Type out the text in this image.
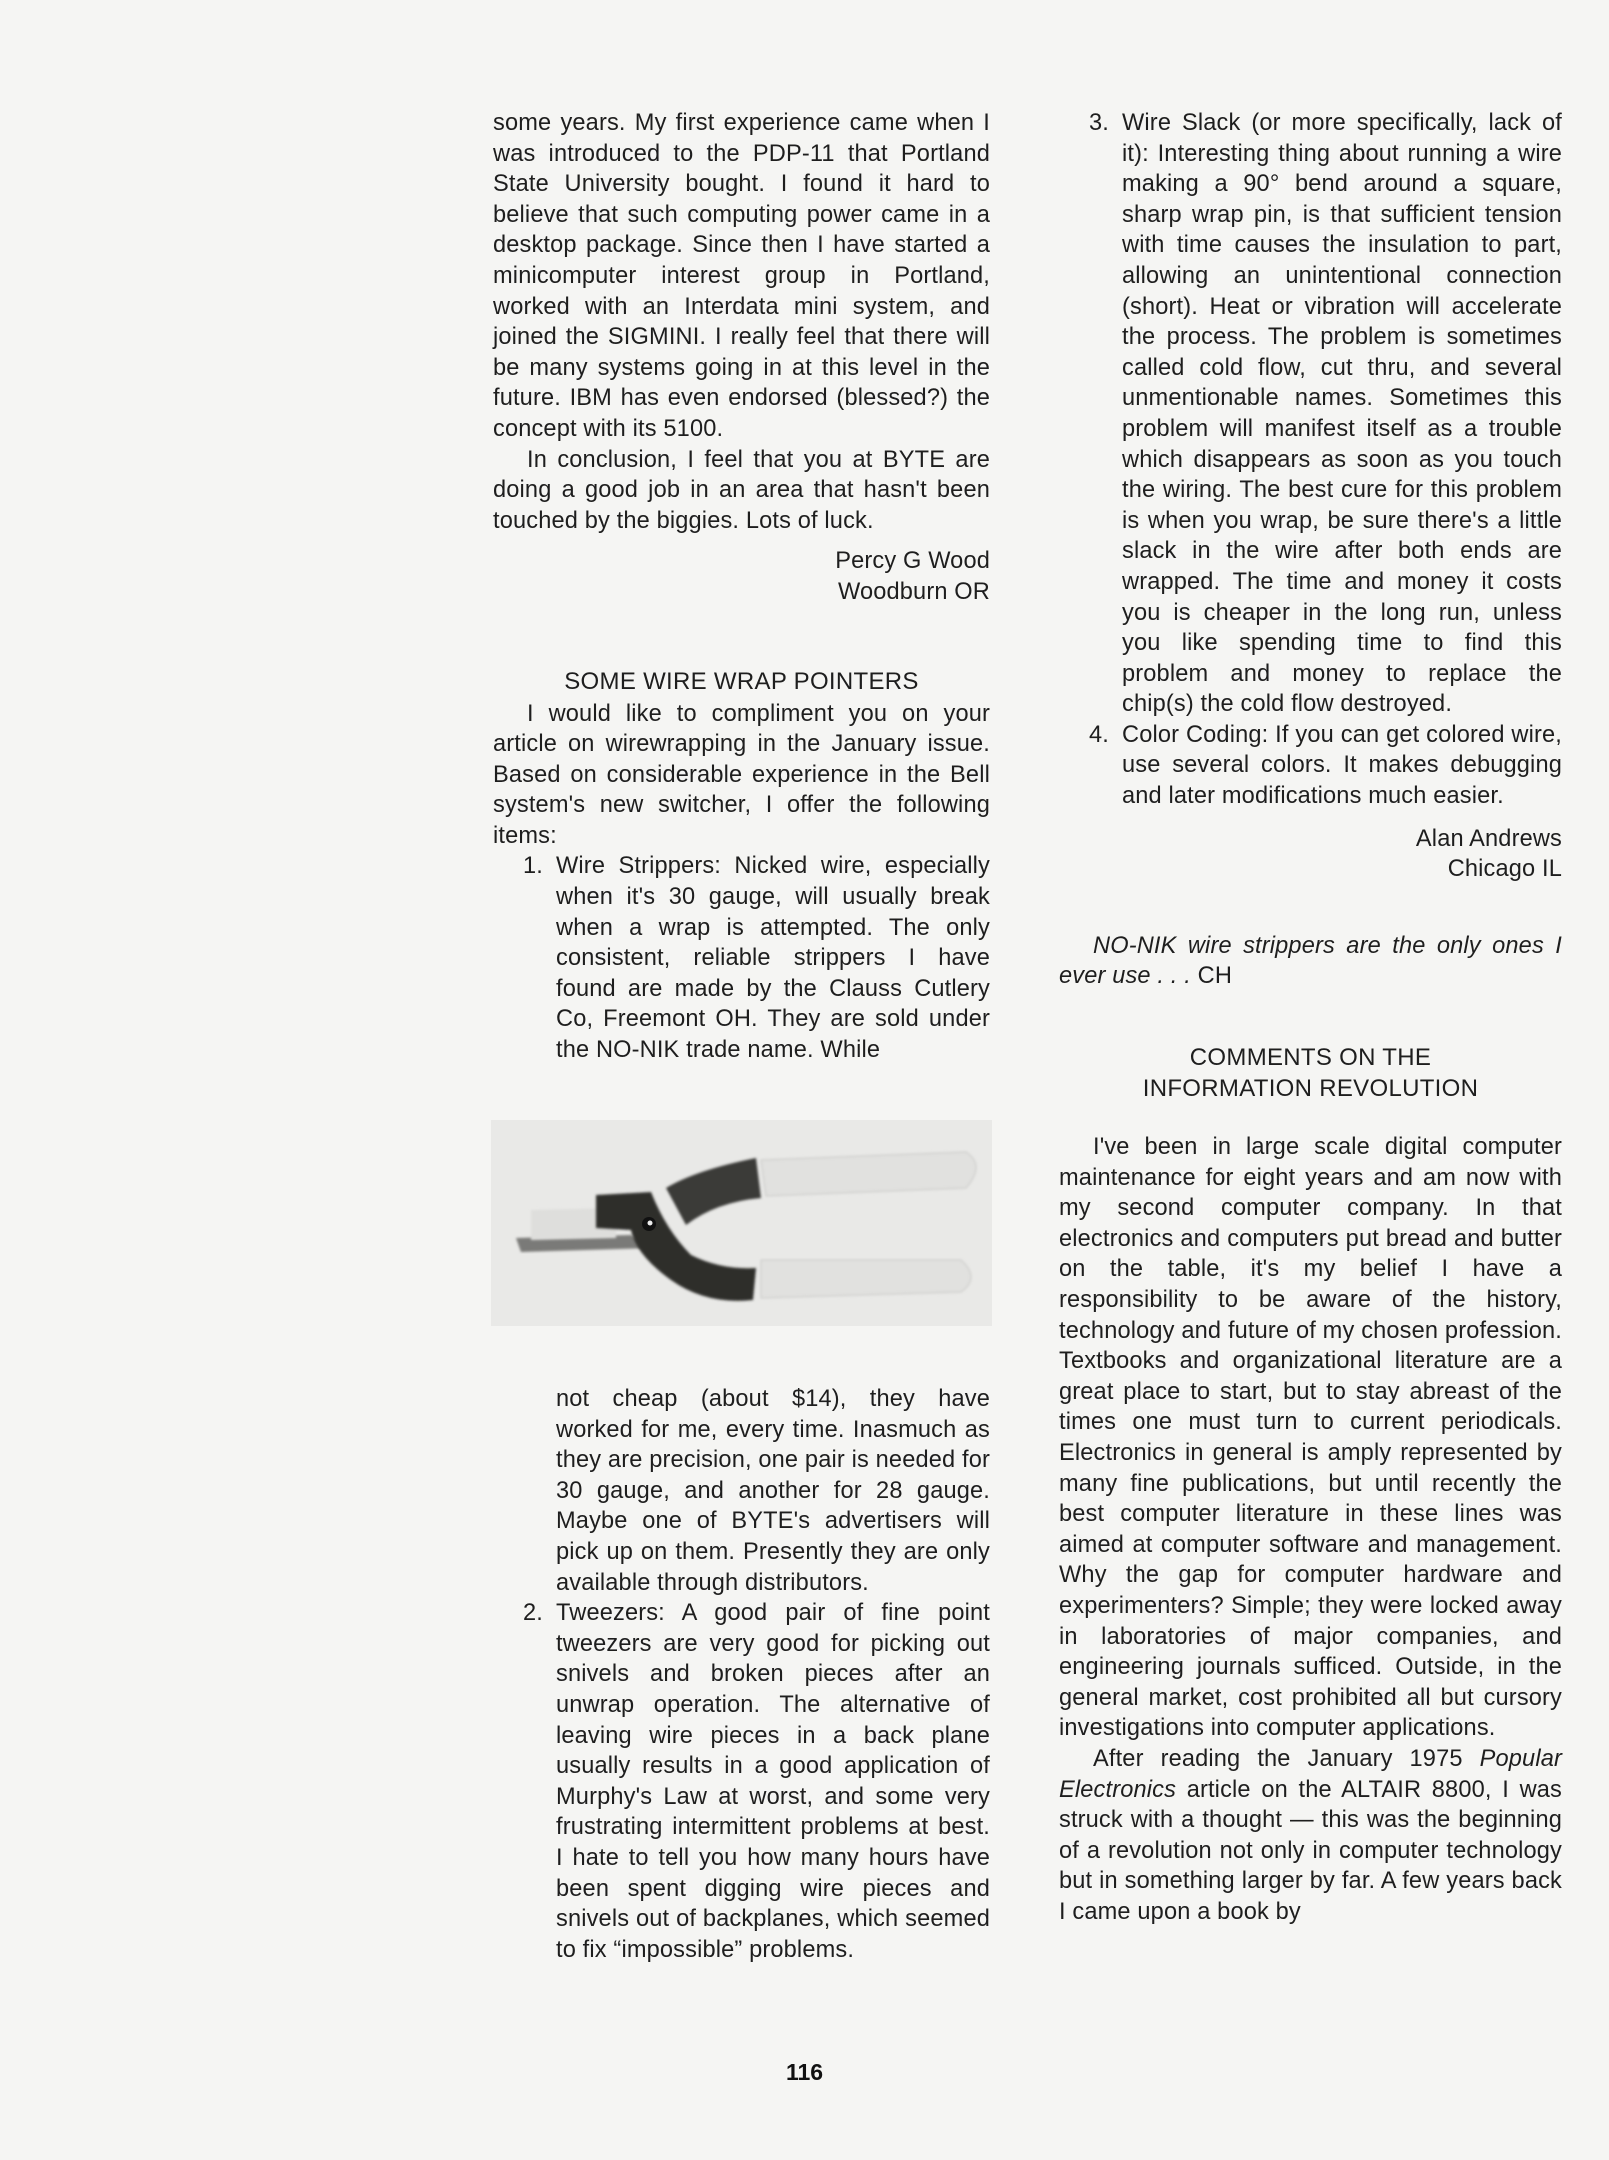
some years. My first experience came when I was introduced to the PDP-11 that Portland State University bought. I found it hard to believe that such computing power came in a desktop package. Since then I have started a minicomputer interest group in Portland, worked with an Interdata mini system, and joined the SIGMINI. I really feel that there will be many systems going in at this level in the future. IBM has even endorsed (blessed?) the concept with its 5100.

In conclusion, I feel that you at BYTE are doing a good job in an area that hasn't been touched by the biggies. Lots of luck.

Percy G Wood

Woodburn OR

SOME WIRE WRAP POINTERS

I would like to compliment you on your article on wirewrapping in the January issue. Based on considerable experience in the Bell system's new switcher, I offer the following items:

1. Wire Strippers: Nicked wire, especially when it's 30 gauge, will usually break when a wrap is attempted. The only consistent, reliable strippers I have found are made by the Clauss Cutlery Co, Freemont OH. They are sold under the NO-NIK trade name. While
not cheap (about $14), they have worked for me, every time. Inasmuch as they are precision, one pair is needed for 30 gauge, and another for 28 gauge. Maybe one of BYTE's advertisers will pick up on them. Presently they are only available through distributors.
2. Tweezers: A good pair of fine point tweezers are very good for picking out snivels and broken pieces after an unwrap operation. The alternative of leaving wire pieces in a back plane usually results in a good application of Murphy's Law at worst, and some very frustrating intermittent problems at best. I hate to tell you how many hours have been spent digging wire pieces and snivels out of backplanes, which seemed to fix “impossible” problems.
3. Wire Slack (or more specifically, lack of it): Interesting thing about running a wire making a 90° bend around a square, sharp wrap pin, is that sufficient tension with time causes the insulation to part, allowing an unintentional connection (short). Heat or vibration will accelerate the process. The problem is sometimes called cold flow, cut thru, and several unmentionable names. Sometimes this problem will manifest itself as a trouble which disappears as soon as you touch the wiring. The best cure for this problem is when you wrap, be sure there's a little slack in the wire after both ends are wrapped. The time and money it costs you is cheaper in the long run, unless you like spending time to find this problem and money to replace the chip(s) the cold flow destroyed.
4. Color Coding: If you can get colored wire, use several colors. It makes debugging and later modifications much easier.

Alan Andrews

Chicago IL

NO-NIK wire strippers are the only ones I ever use . . . CH

COMMENTS ON THE

INFORMATION REVOLUTION

I've been in large scale digital computer maintenance for eight years and am now with my second computer company. In that electronics and computers put bread and butter on the table, it's my belief I have a responsibility to be aware of the history, technology and future of my chosen profession. Textbooks and organizational literature are a great place to start, but to stay abreast of the times one must turn to current periodicals. Electronics in general is amply represented by many fine publications, but until recently the best computer literature in these lines was aimed at computer software and management. Why the gap for computer hardware and experimenters? Simple; they were locked away in laboratories of major companies, and engineering journals sufficed. Outside, in the general market, cost prohibited all but cursory investigations into computer applications.

After reading the January 1975 Popular Electronics article on the ALTAIR 8800, I was struck with a thought — this was the beginning of a revolution not only in computer technology but in something larger by far. A few years back I came upon a book by

116
